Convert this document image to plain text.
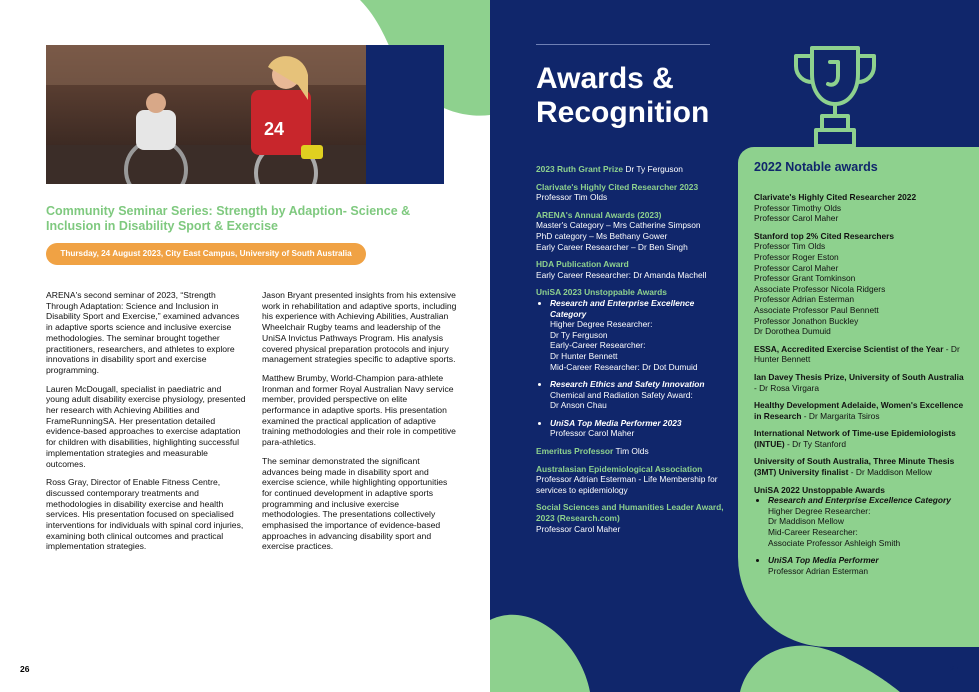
24
Community Seminar Series: Strength by Adaption- Science & Inclusion in Disability Sport & Exercise
Thursday, 24 August 2023, City East Campus, University of South Australia

ARENA's second seminar of 2023, “Strength Through Adaptation: Science and Inclusion in Disability Sport and Exercise,” examined advances in adaptive sports science and inclusive exercise methodologies. The seminar brought together practitioners, researchers, and athletes to explore innovations in disability sport and exercise programming.

Lauren McDougall, specialist in paediatric and young adult disability exercise physiology, presented her research with Achieving Abilities and FrameRunningSA. Her presentation detailed evidence-based approaches to exercise adaptation for children with disabilities, highlighting successful implementation strategies and measurable outcomes.

Ross Gray, Director of Enable Fitness Centre, discussed contemporary treatments and methodologies in disability exercise and health services. His presentation focused on specialised interventions for individuals with spinal cord injuries, examining both clinical outcomes and practical implementation strategies.

Jason Bryant presented insights from his extensive work in rehabilitation and adaptive sports, including his experience with Achieving Abilities, Australian Wheelchair Rugby teams and leadership of the UniSA Invictus Pathways Program. His analysis covered physical preparation protocols and injury management strategies specific to adaptive sports.

Matthew Brumby, World-Champion para-athlete Ironman and former Royal Australian Navy service member, provided perspective on elite performance in adaptive sports. His presentation examined the practical application of adaptive training methodologies and their role in competitive para-athletics.

The seminar demonstrated the significant advances being made in disability sport and exercise science, while highlighting opportunities for continued development in adaptive sports programming and inclusive exercise methodologies. The presentations collectively emphasised the importance of evidence-based approaches in advancing disability sport and exercise practices.

26
Awards &
Recognition
2023 Ruth Grant Prize Dr Ty Ferguson
Clarivate's Highly Cited Researcher 2023
Professor Tim Olds
ARENA's Annual Awards (2023)
Master's Category – Mrs Catherine Simpson
PhD category – Ms Bethany Gower
Early Career Researcher – Dr Ben Singh
HDA Publication Award
Early Career Researcher: Dr Amanda Machell
UniSA 2023 Unstoppable Awards
• Research and Enterprise Excellence Category
Higher Degree Researcher:
Dr Ty Ferguson
Early-Career Researcher:
Dr Hunter Bennett
Mid-Career Researcher: Dr Dot Dumuid
• Research Ethics and Safety Innovation
Chemical and Radiation Safety Award:
Dr Anson Chau
• UniSA Top Media Performer 2023
Professor Carol Maher
Emeritus Professor Tim Olds
Australasian Epidemiological Association
Professor Adrian Esterman - Life Membership for services to epidemiology
Social Sciences and Humanities Leader Award, 2023 (Research.com)
Professor Carol Maher
2022 Notable awards
Clarivate's Highly Cited Researcher 2022
Professor Timothy Olds
Professor Carol Maher
Stanford top 2% Cited Researchers
Professor Tim Olds
Professor Roger Eston
Professor Carol Maher
Professor Grant Tomkinson
Associate Professor Nicola Ridgers
Professor Adrian Esterman
Associate Professor Paul Bennett
Professor Jonathon Buckley
Dr Dorothea Dumuid
ESSA, Accredited Exercise Scientist of the Year - Dr Hunter Bennett
Ian Davey Thesis Prize, University of South Australia - Dr Rosa Virgara
Healthy Development Adelaide, Women's Excellence in Research - Dr Margarita Tsiros
International Network of Time-use Epidemiologists (INTUE) - Dr Ty Stanford
University of South Australia, Three Minute Thesis (3MT) University finalist - Dr Maddison Mellow
UniSA 2022 Unstoppable Awards
• Research and Enterprise Excellence Category
Higher Degree Researcher:
Dr Maddison Mellow
Mid-Career Researcher:
Associate Professor Ashleigh Smith
• UniSA Top Media Performer
Professor Adrian Esterman
27
